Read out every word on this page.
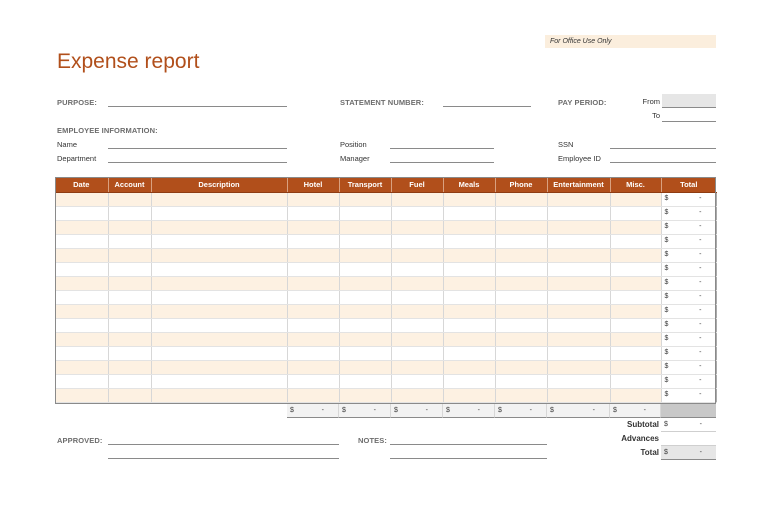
For Office Use Only
Expense report
PURPOSE:	STATEMENT NUMBER:	PAY PERIOD:	From
To
EMPLOYEE INFORMATION:
Name	Position	SSN
Department	Manager	Employee ID
Date	Account	Description	Hotel	Transport	Fuel	Meals	Phone	Entertainment	Misc.	Total

										$ -

										$ -

										$ -

										$ -

										$ -

										$ -

										$ -

										$ -

										$ -

										$ -

										$ -

										$ -

										$ -

										$ -

										$ -
$	-	$	-	$	-	$	-	$	-	$	-	$	-
Subtotal $	-
Advances
Total $	-
APPROVED:	NOTES:
